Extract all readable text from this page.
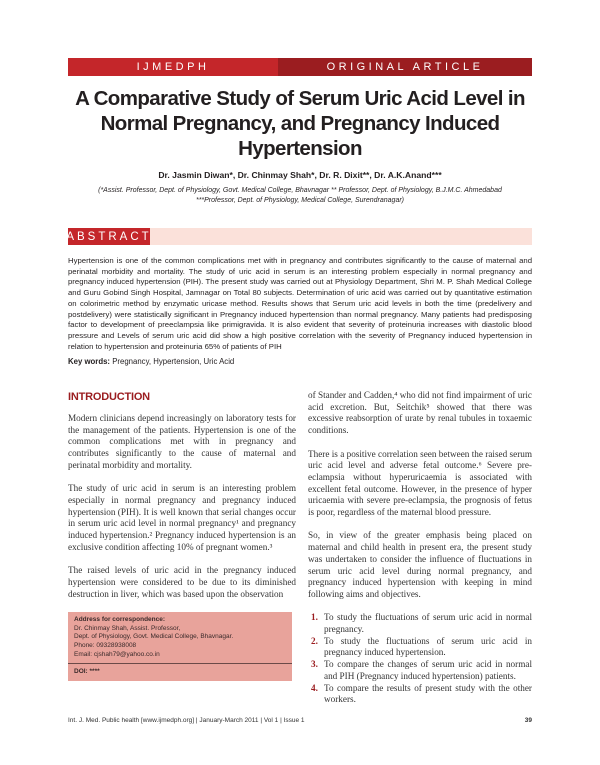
IJMEDPH	ORIGINAL ARTICLE
A Comparative Study of Serum Uric Acid Level in Normal Pregnancy, and Pregnancy Induced Hypertension
Dr. Jasmin Diwan*, Dr. Chinmay Shah*, Dr. R. Dixit**, Dr. A.K.Anand***
(*Assist. Professor, Dept. of Physiology, Govt. Medical College, Bhavnagar ** Professor, Dept. of Physiology, B.J.M.C. Ahmedabad
***Professor, Dept. of Physiology, Medical College, Surendranagar)
ABSTRACT
Hypertension is one of the common complications met with in pregnancy and contributes significantly to the cause of maternal and perinatal morbidity and mortality. The study of uric acid in serum is an interesting problem especially in normal pregnancy and pregnancy induced hypertension (PIH). The present study was carried out at Physiology Department, Shri M. P. Shah Medical College and Guru Gobind Singh Hospital, Jamnagar on Total 80 subjects. Determination of uric acid was carried out by quantitative estimation on colorimetric method by enzymatic uricase method. Results shows that Serum uric acid levels in both the time (predelivery and postdelivery) were statistically significant in Pregnancy induced hypertension than normal pregnancy. Many patients had predisposing factor to development of preeclampsia like primigravida. It is also evident that severity of proteinuria increases with diastolic blood pressure and Levels of serum uric acid did show a high positive correlation with the severity of Pregnancy induced hypertension in relation to hypertension and proteinuria 65% of patients of PIH
Key words: Pregnancy, Hypertension, Uric Acid
INTRODUCTION

Modern clinicians depend increasingly on laboratory tests for the management of the patients. Hypertension is one of the common complications met with in pregnancy and contributes significantly to the cause of maternal and perinatal morbidity and mortality.

The study of uric acid in serum is an interesting problem especially in normal pregnancy and pregnancy induced hypertension (PIH). It is well known that serial changes occur in serum uric acid level in normal pregnancy¹ and pregnancy induced hypertension.² Pregnancy induced hypertension is an exclusive condition affecting 10% of pregnant women.³

The raised levels of uric acid in the pregnancy induced hypertension were considered to be due to its diminished destruction in liver, which was based upon the observation

Address for correspondence:
Dr. Chinmay Shah, Assist. Professor,
Dept. of Physiology, Govt. Medical College, Bhavnagar.
Phone: 09328938008
Email: cjshah79@yahoo.co.in
DOI: ****

of Stander and Cadden,⁴ who did not find impairment of uric acid excretion. But, Seitchik⁵ showed that there was excessive reabsorption of urate by renal tubules in toxaemic conditions.

There is a positive correlation seen between the raised serum uric acid level and adverse fetal outcome.⁶ Severe pre-eclampsia without hyperuricaemia is associated with excellent fetal outcome. However, in the presence of hyper uricaemia with severe pre-eclampsia, the prognosis of fetus is poor, regardless of the maternal blood pressure.

So, in view of the greater emphasis being placed on maternal and child health in present era, the present study was undertaken to consider the influence of fluctuations in serum uric acid level during normal pregnancy, and pregnancy induced hypertension with keeping in mind following aims and objectives.

1. To study the fluctuations of serum uric acid in normal pregnancy.
2. To study the fluctuations of serum uric acid in pregnancy induced hypertension.
3. To compare the changes of serum uric acid in normal and PIH (Pregnancy induced hypertension) patients.
4. To compare the results of present study with the other workers.
Int. J. Med. Public health [www.ijmedph.org] | January-March 2011 | Vol 1 | Issue 1	39
